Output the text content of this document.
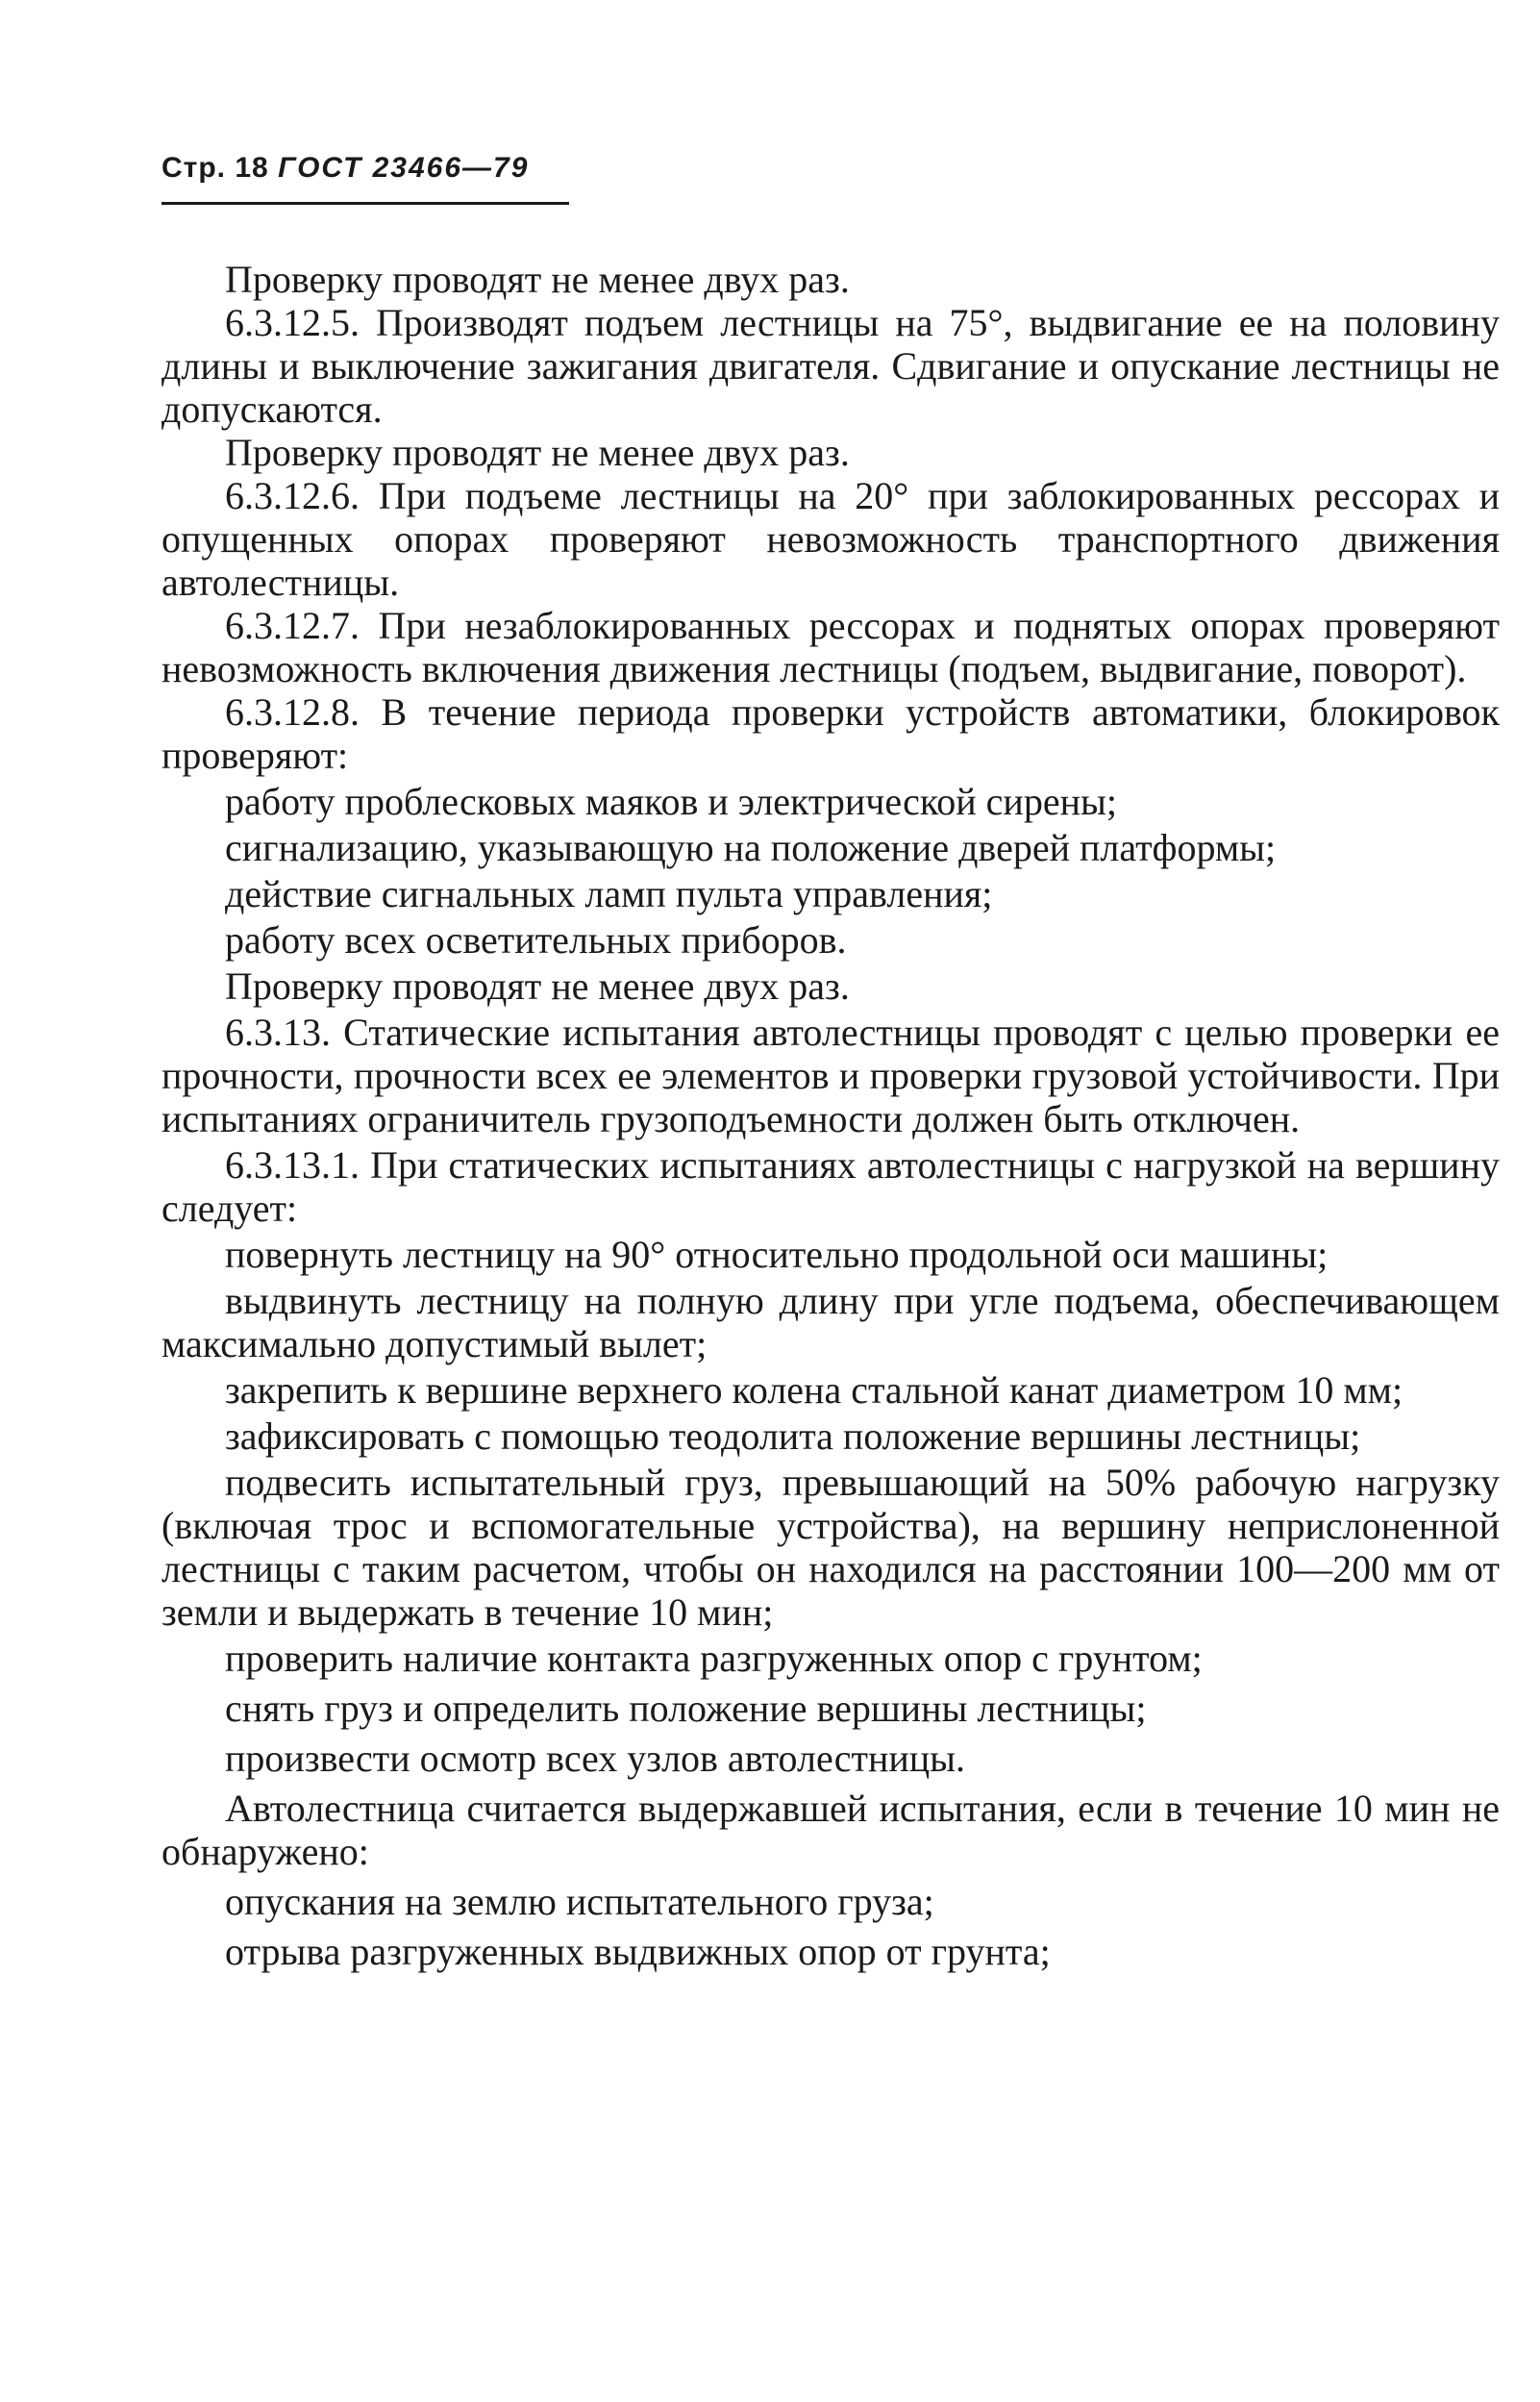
Стр. 18 ГОСТ 23466—79

Проверку проводят не менее двух раз.

6.3.12.5. Производят подъем лестницы на 75°, выдвигание ее на половину длины и выключение зажигания двигателя. Сдвигание и опускание лестницы не допускаются.

Проверку проводят не менее двух раз.

6.3.12.6. При подъеме лестницы на 20° при заблокированных рессорах и опущенных опорах проверяют невозможность транспортного движения автолестницы.

6.3.12.7. При незаблокированных рессорах и поднятых опорах проверяют невозможность включения движения лестницы (подъем, выдвигание, поворот).

6.3.12.8. В течение периода проверки устройств автоматики, блокировок проверяют:

работу проблесковых маяков и электрической сирены;

сигнализацию, указывающую на положение дверей платформы;

действие сигнальных ламп пульта управления;

работу всех осветительных приборов.

Проверку проводят не менее двух раз.

6.3.13. Статические испытания автолестницы проводят с целью проверки ее прочности, прочности всех ее элементов и проверки грузовой устойчивости. При испытаниях ограничитель грузоподъемности должен быть отключен.

6.3.13.1. При статических испытаниях автолестницы с нагрузкой на вершину следует:

повернуть лестницу на 90° относительно продольной оси машины;

выдвинуть лестницу на полную длину при угле подъема, обеспечивающем максимально допустимый вылет;

закрепить к вершине верхнего колена стальной канат диаметром 10 мм;

зафиксировать с помощью теодолита положение вершины лестницы;

подвесить испытательный груз, превышающий на 50% рабочую нагрузку (включая трос и вспомогательные устройства), на вершину неприслоненной лестницы с таким расчетом, чтобы он находился на расстоянии 100—200 мм от земли и выдержать в течение 10 мин;

проверить наличие контакта разгруженных опор с грунтом;

снять груз и определить положение вершины лестницы;

произвести осмотр всех узлов автолестницы.

Автолестница считается выдержавшей испытания, если в течение 10 мин не обнаружено:

опускания на землю испытательного груза;

отрыва разгруженных выдвижных опор от грунта;
